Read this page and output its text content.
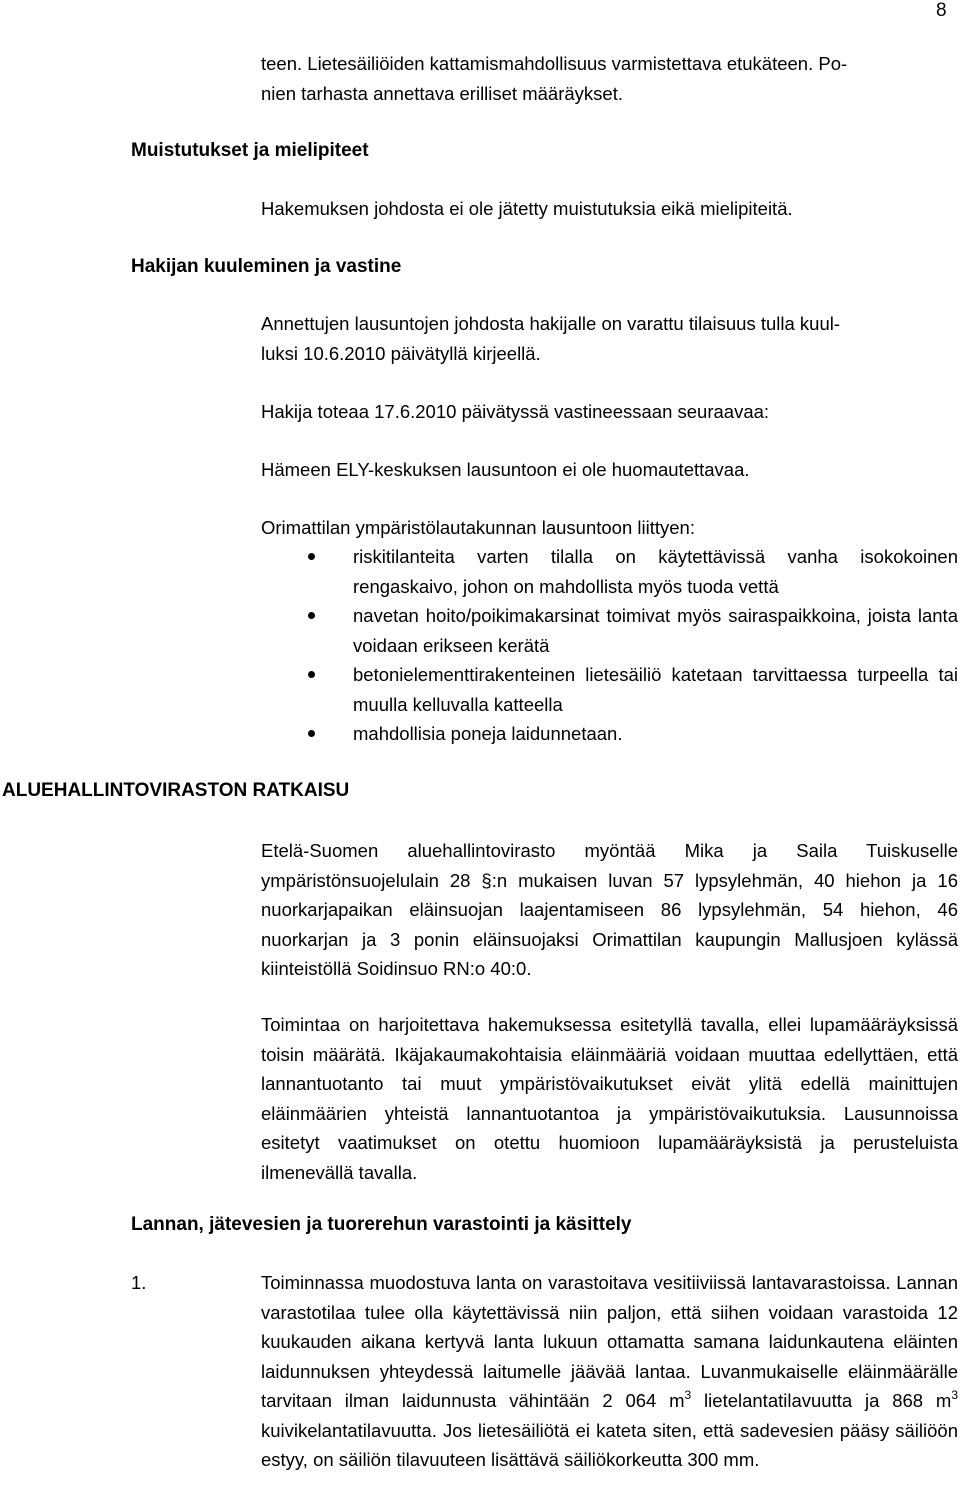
8
teen. Lietesäiliöiden kattamismahdollisuus varmistettava etukäteen. Po-
nien tarhasta annettava erilliset määräykset.
Muistutukset ja mielipiteet
Hakemuksen johdosta ei ole jätetty muistutuksia eikä mielipiteitä.
Hakijan kuuleminen ja vastine
Annettujen lausuntojen johdosta hakijalle on varattu tilaisuus tulla kuul-
luksi 10.6.2010 päivätyllä kirjeellä.
Hakija toteaa 17.6.2010 päivätyssä vastineessaan seuraavaa:
Hämeen ELY-keskuksen lausuntoon ei ole huomautettavaa.
Orimattilan ympäristölautakunnan lausuntoon liittyen:
riskitilanteita varten tilalla on käytettävissä vanha isokokoinen rengaskaivo, johon on mahdollista myös tuoda vettä
navetan hoito/poikimakarsinat toimivat myös sairaspaikkoina, joista lanta voidaan erikseen kerätä
betonielementtirakenteinen lietesäiliö katetaan tarvittaessa turpeella tai muulla kelluvalla katteella
mahdollisia poneja laidunnetaan.
ALUEHALLINTOVIRASTON RATKAISU
Etelä-Suomen aluehallintovirasto myöntää Mika ja Saila Tuiskuselle ympäristönsuojelulain 28 §:n mukaisen luvan 57 lypsylehmän, 40 hiehon ja 16 nuorkarjapaikan eläinsuojan laajentamiseen 86 lypsylehmän, 54 hiehon, 46 nuorkarjan ja 3 ponin eläinsuojaksi Orimattilan kaupungin Mallusjoen kylässä kiinteistöllä Soidinsuo RN:o 40:0.
Toimintaa on harjoitettava hakemuksessa esitetyllä tavalla, ellei lupamääräyksissä toisin määrätä. Ikäjakaumakohtaisia eläinmääriä voidaan muuttaa edellyttäen, että lannantuotanto tai muut ympäristövaikutukset eivät ylitä edellä mainittujen eläinmäärien yhteistä lannantuotantoa ja ympäristövaikutuksia. Lausunnoissa esitetyt vaatimukset on otettu huomioon lupamääräyksistä ja perusteluista ilmenevällä tavalla.
Lannan, jätevesien ja tuorerehun varastointi ja käsittely
1.	Toiminnassa muodostuva lanta on varastoitava vesitiiviissä lantavarastoissa. Lannan varastotilaa tulee olla käytettävissä niin paljon, että siihen voidaan varastoida 12 kuukauden aikana kertyvä lanta lukuun ottamatta samana laidunkautena eläinten laidunnuksen yhteydessä laitumelle jäävää lantaa. Luvanmukaiselle eläinmäärälle tarvitaan ilman laidunnusta vähintään 2 064 $m^3$ lietelantatilavuutta ja 868 $m^3$ kuivikelantatilavuutta. Jos lietesäiliötä ei kateta siten, että sadevesien pääsy säiliöön estyy, on säiliön tilavuuteen lisättävä säiliökorkeutta 300 mm.
